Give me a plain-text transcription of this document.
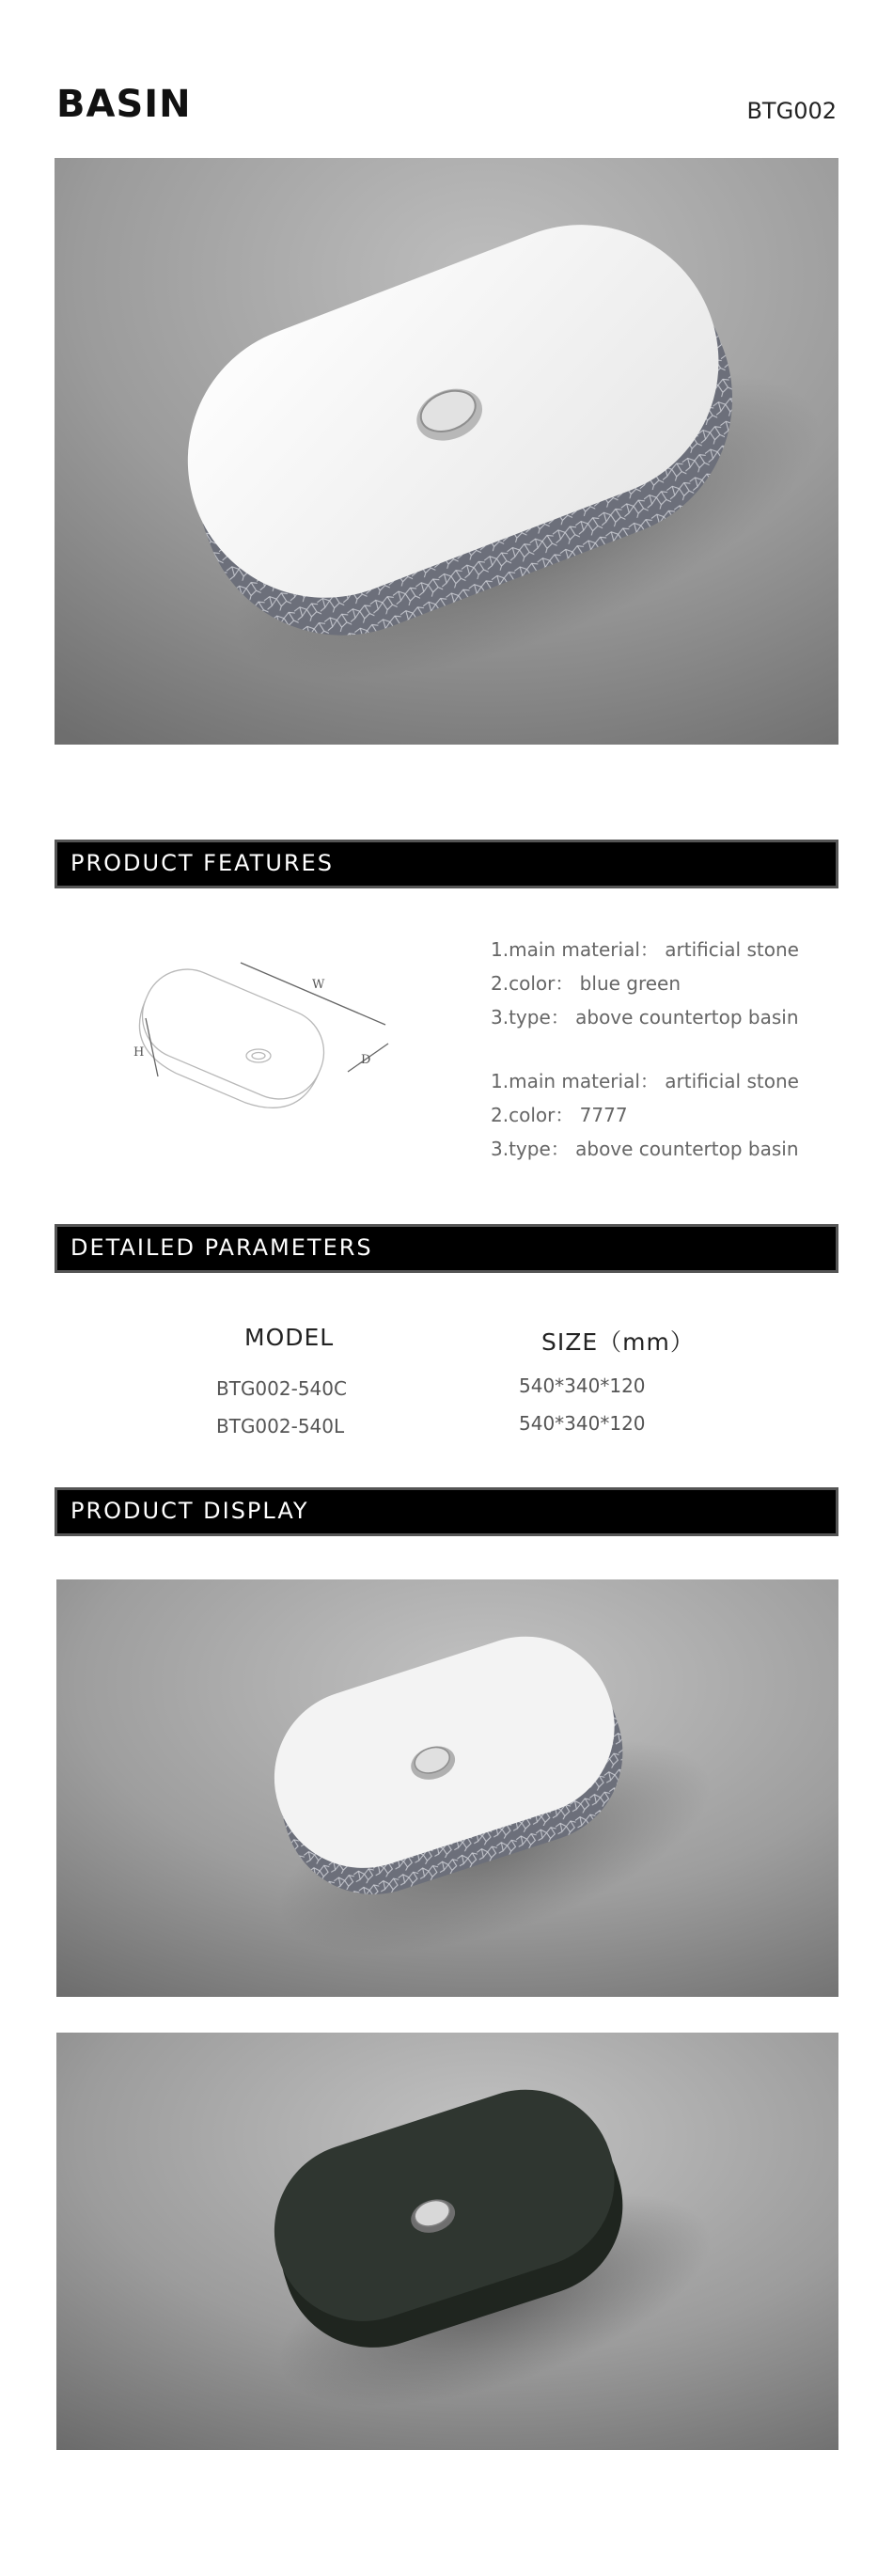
BASIN	BTG002
PRODUCT FEATURES
W
H
D
1.main material： artificial stone
2.color： blue green
3.type： above countertop basin
1.main material： artificial stone
2.color： 7777
3.type： above countertop basin
DETAILED PARAMETERS
MODEL	SIZE（mm）
BTG002-540C	540*340*120
BTG002-540L	540*340*120
PRODUCT DISPLAY
